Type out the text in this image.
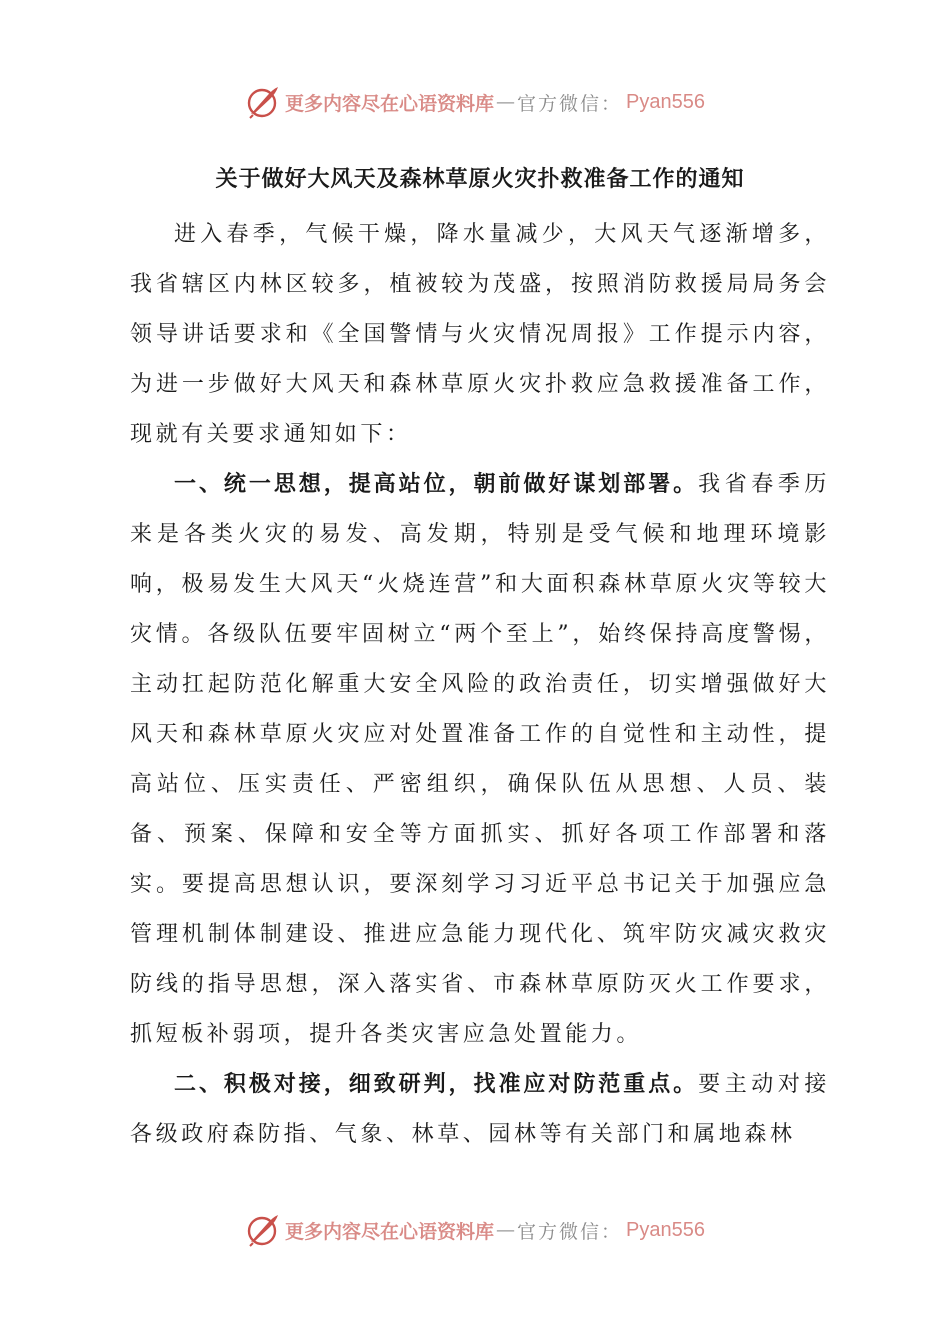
更多内容尽在心语资料库 — 官方微信： Pyan556
关于做好大风天及森林草原火灾扑救准备工作的通知

进入春季，气候干燥，降水量减少，大风天气逐渐增多，我省辖区内林区较多，植被较为茂盛，按照消防救援局局务会领导讲话要求和《全国警情与火灾情况周报》工作提示内容，为进一步做好大风天和森林草原火灾扑救应急救援准备工作，现就有关要求通知如下：

一、统一思想，提高站位，朝前做好谋划部署。我省春季历来是各类火灾的易发、高发期，特别是受气候和地理环境影响，极易发生大风天“火烧连营”和大面积森林草原火灾等较大灾情。各级队伍要牢固树立“两个至上”，始终保持高度警惕，主动扛起防范化解重大安全风险的政治责任，切实增强做好大风天和森林草原火灾应对处置准备工作的自觉性和主动性，提高站位、压实责任、严密组织，确保队伍从思想、人员、装备、预案、保障和安全等方面抓实、抓好各项工作部署和落实。要提高思想认识，要深刻学习习近平总书记关于加强应急管理机制体制建设、推进应急能力现代化、筑牢防灾减灾救灾防线的指导思想，深入落实省、市森林草原防灭火工作要求，抓短板补弱项，提升各类灾害应急处置能力。

二、积极对接，细致研判，找准应对防范重点。要主动对接各级政府森防指、气象、林草、园林等有关部门和属地森林

更多内容尽在心语资料库 — 官方微信： Pyan556
